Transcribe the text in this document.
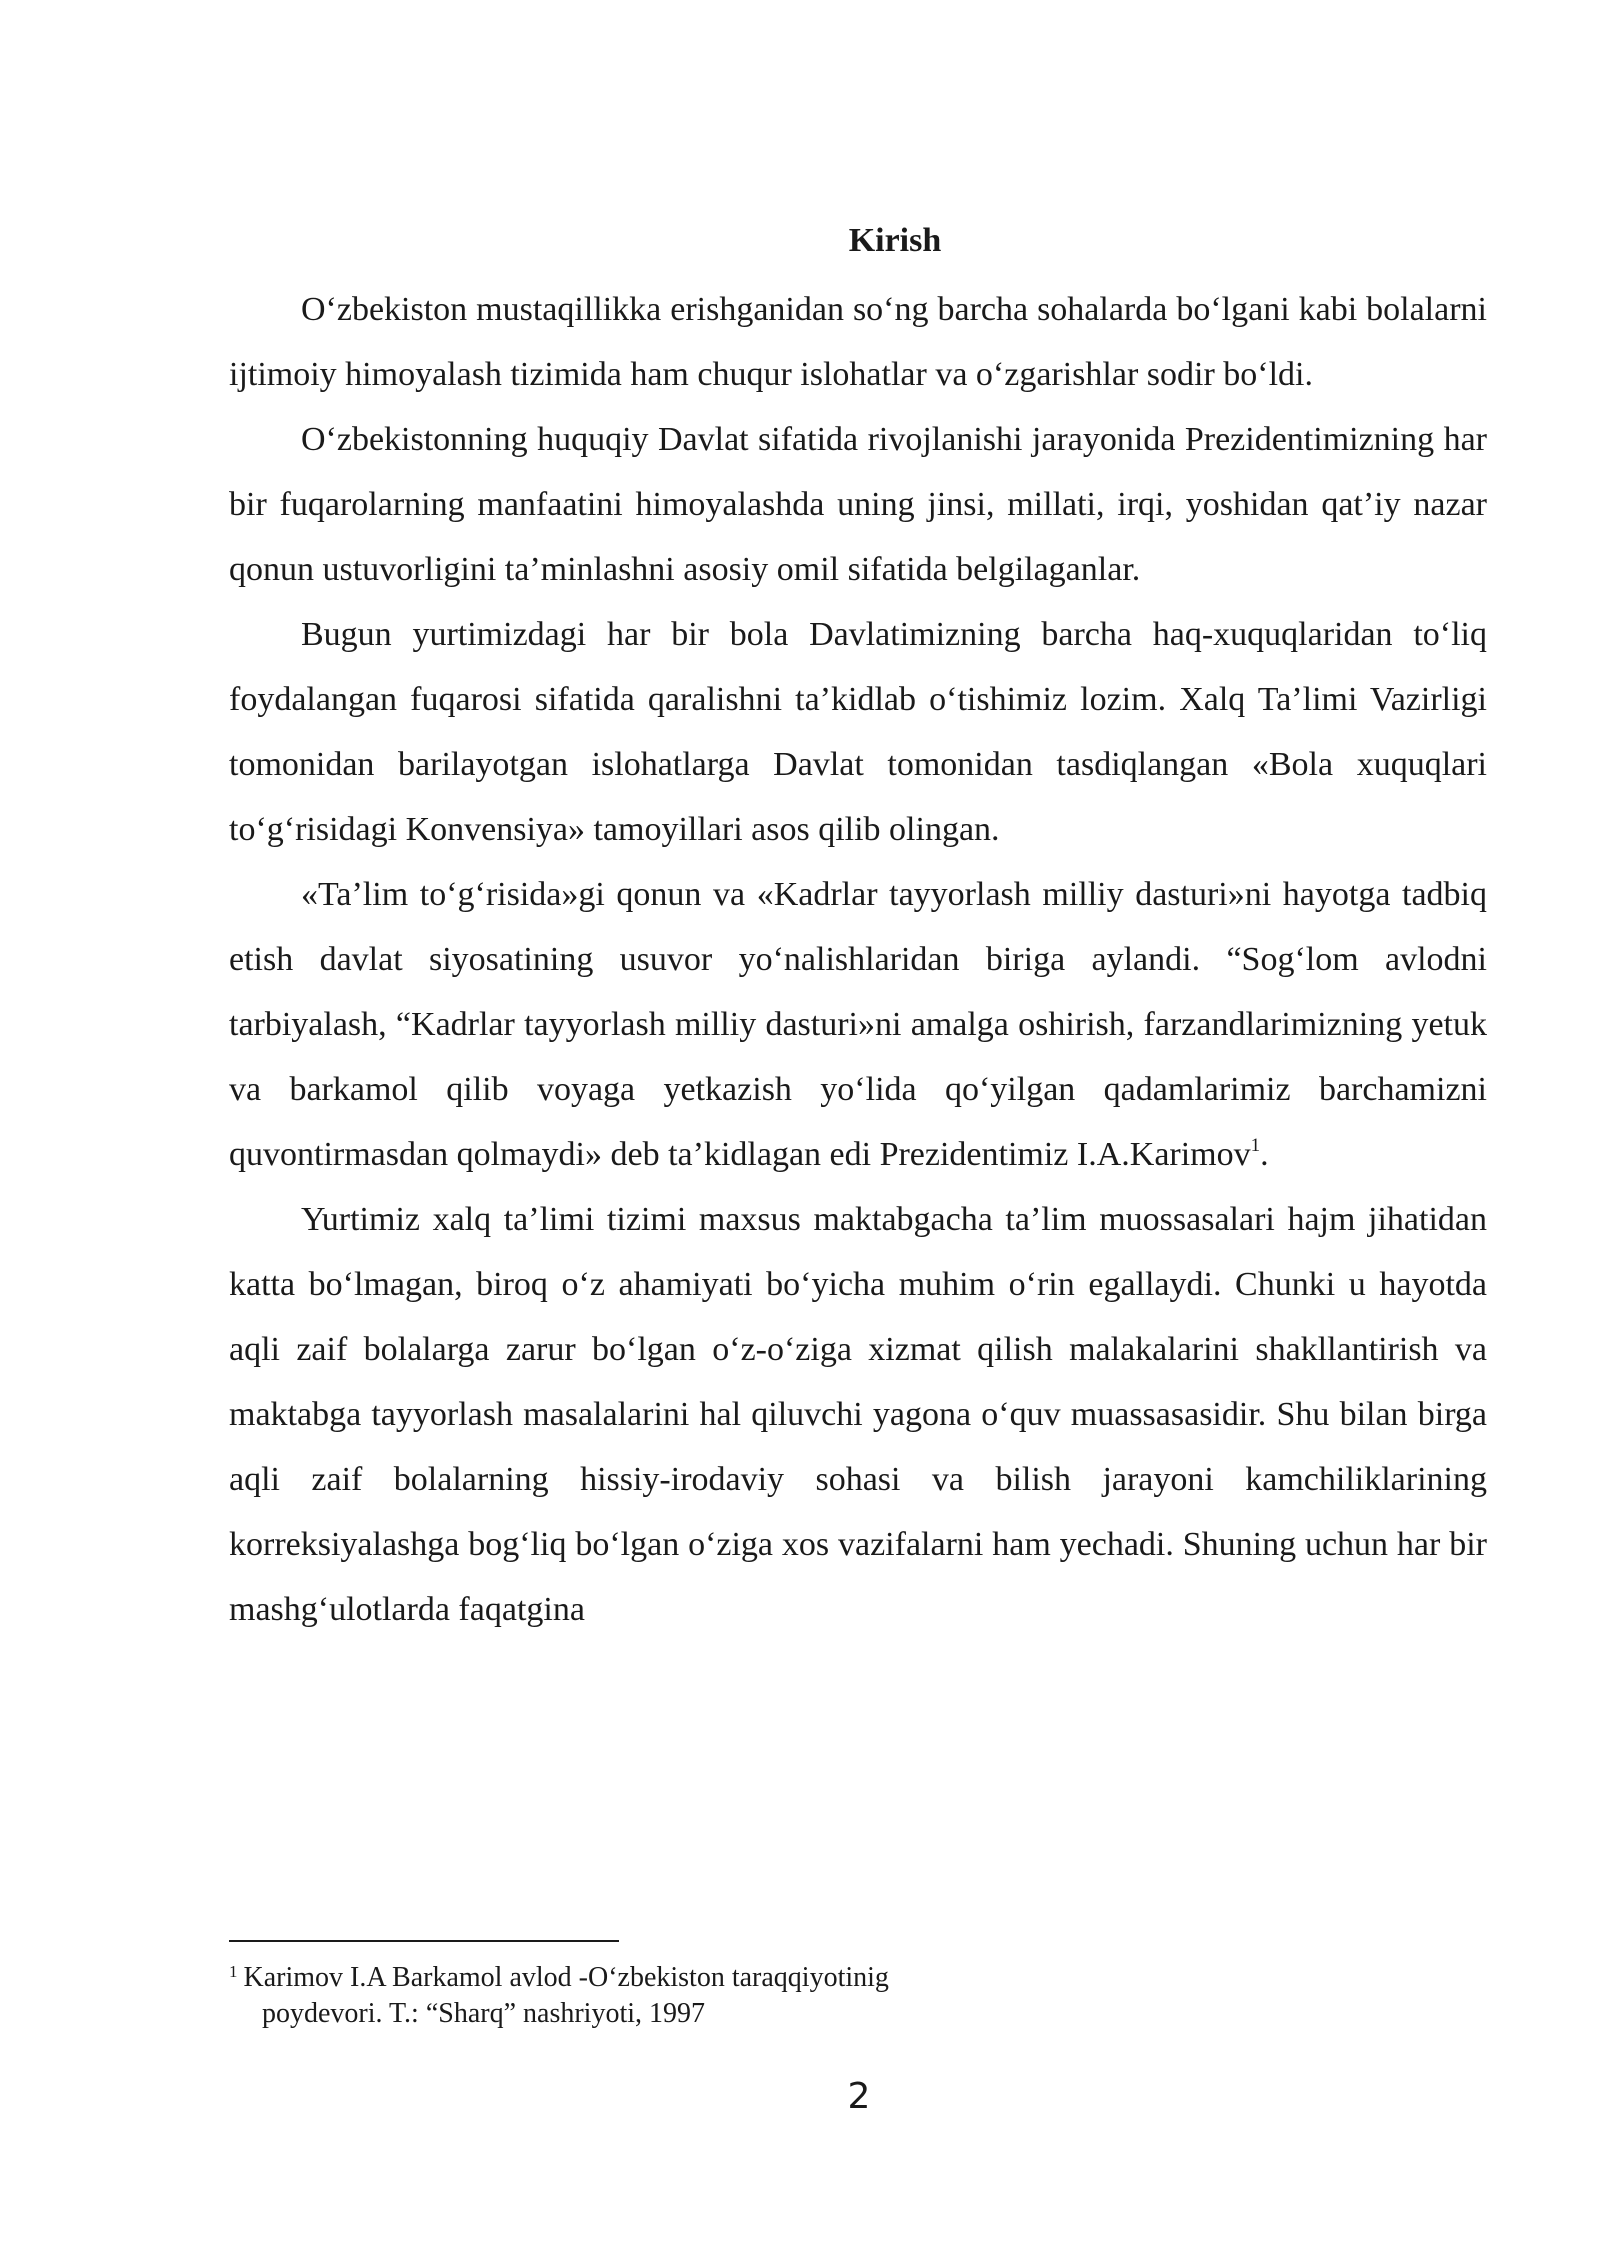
Kirish

O‘zbekiston mustaqillikka erishganidan so‘ng barcha sohalarda bo‘lgani kabi bolalarni ijtimoiy himoyalash tizimida ham chuqur islohatlar va o‘zgarishlar sodir bo‘ldi.

O‘zbekistonning huquqiy Davlat sifatida rivojlanishi jarayonida Prezidentimizning har bir fuqarolarning manfaatini himoyalashda uning jinsi, millati, irqi, yoshidan qat’iy nazar qonun ustuvorligini ta’minlashni asosiy omil sifatida belgilaganlar.

Bugun yurtimizdagi har bir bola Davlatimizning barcha haq-xuquqlaridan to‘liq foydalangan fuqarosi sifatida qaralishni ta’kidlab o‘tishimiz lozim. Xalq Ta’limi Vazirligi tomonidan barilayotgan islohatlarga Davlat tomonidan tasdiqlangan «Bola xuquqlari to‘g‘risidagi Konvensiya» tamoyillari asos qilib olingan.

«Ta’lim to‘g‘risida»gi qonun va «Kadrlar tayyorlash milliy dasturi»ni hayotga tadbiq etish davlat siyosatining usuvor yo‘nalishlaridan biriga aylandi. “Sog‘lom avlodni tarbiyalash, “Kadrlar tayyorlash milliy dasturi»ni amalga oshirish, farzandlarimizning yetuk va barkamol qilib voyaga yetkazish yo‘lida qo‘yilgan qadamlarimiz barchamizni quvontirmasdan qolmaydi» deb ta’kidlagan edi Prezidentimiz I.A.Karimov$^1$.

Yurtimiz xalq ta’limi tizimi maxsus maktabgacha ta’lim muossasalari hajm jihatidan katta bo‘lmagan, biroq o‘z ahamiyati bo‘yicha muhim o‘rin egallaydi. Chunki u hayotda aqli zaif bolalarga zarur bo‘lgan o‘z-o‘ziga xizmat qilish malakalarini shakllantirish va maktabga tayyorlash masalalarini hal qiluvchi yagona o‘quv muassasasidir. Shu bilan birga aqli zaif bolalarning hissiy-irodaviy sohasi va bilish jarayoni kamchiliklarining korreksiyalashga bog‘liq bo‘lgan o‘ziga xos vazifalarni ham yechadi. Shuning uchun har bir mashg‘ulotlarda faqatgina

$^1$ Karimov I.A Barkamol avlod -O‘zbekiston taraqqiyotinig
poydevori. T.: “Sharq” nashriyoti, 1997
2
